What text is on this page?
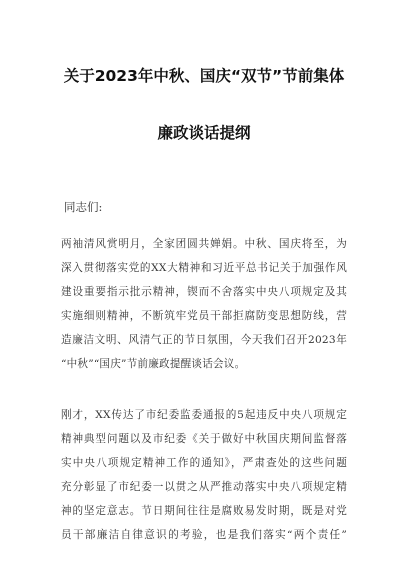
关于2023年中秋、国庆“双节”节前集体
廉政谈话提纲
同志们:
两袖清风赏明月，全家团圆共婵娟。中秋、国庆将至，为
深入贯彻落实党的XX大精神和习近平总书记关于加强作风
建设重要指示批示精神，锲而不舍落实中央八项规定及其
实施细则精神，不断筑牢党员干部拒腐防变思想防线，营
造廉洁文明、风清气正的节日氛围，今天我们召开2023年
“中秋”“国庆”节前廉政提醒谈话会议。
刚才，XX传达了市纪委监委通报的5起违反中央八项规定
精神典型问题以及市纪委《关于做好中秋国庆期间监督落
实中央八项规定精神工作的通知》，严肃查处的这些问题
充分彰显了市纪委一以贯之从严推动落实中央八项规定精
神的坚定意志。节日期间往往是腐败易发时期，既是对党
员干部廉洁自律意识的考验，也是我们落实“两个责任”
